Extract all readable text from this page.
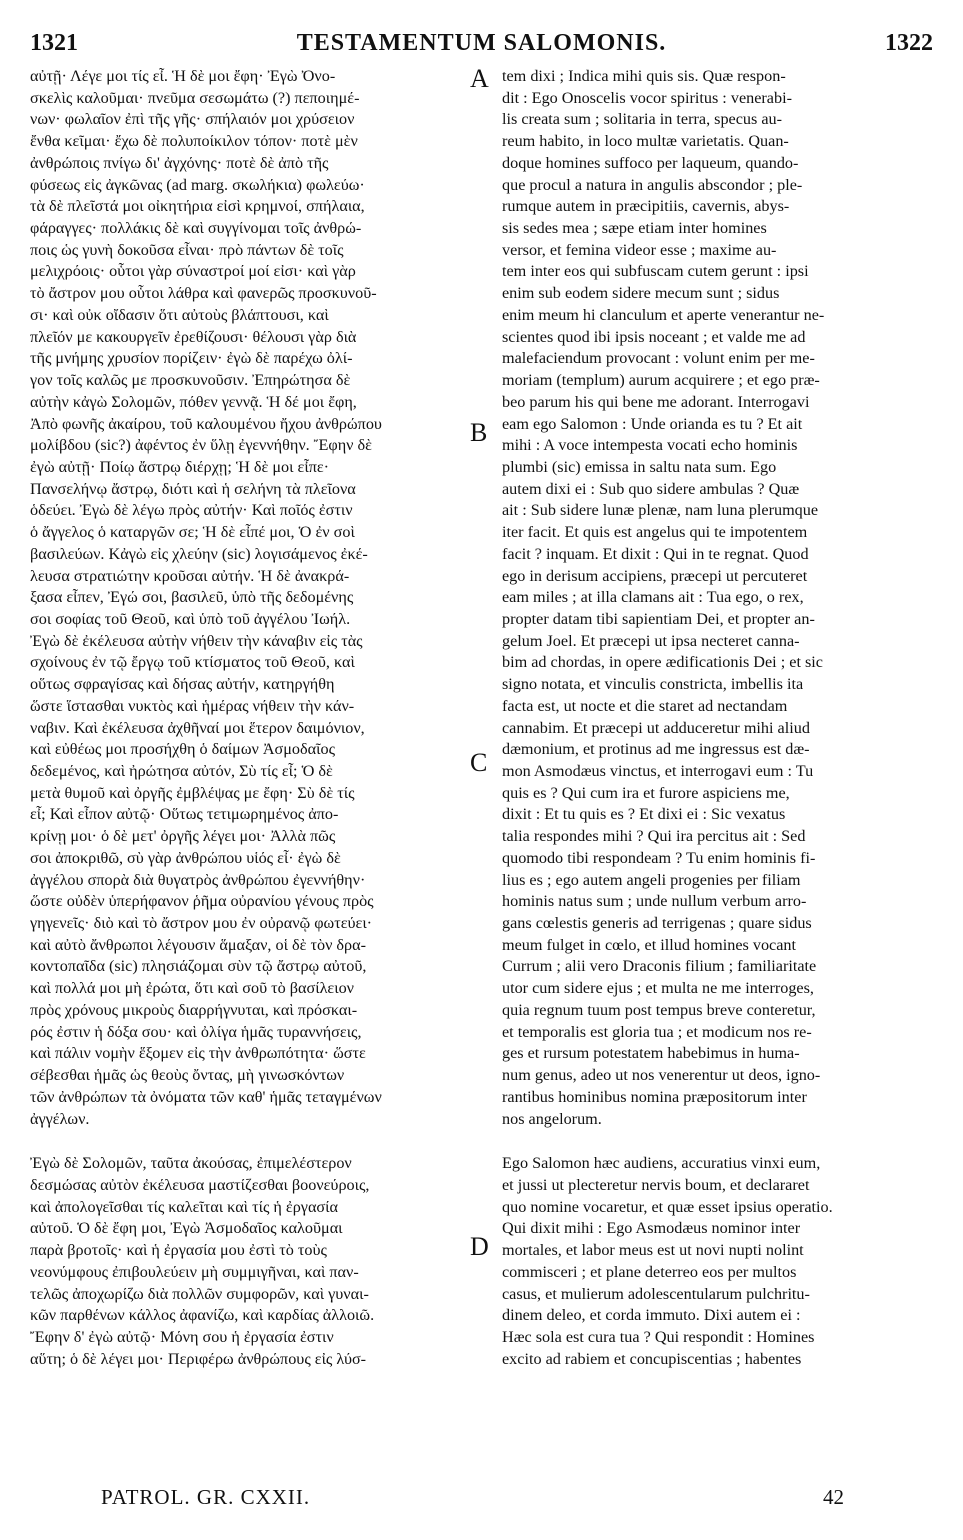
1321	TESTAMENTUM SALOMONIS.	1322
αὐτῇ· Λέγε μοι τίς εἶ. Ἡ δὲ μοι ἔφη· Ἐγὼ Ὀνο-
σκελὶς καλοῦμαι· πνεῦμα σεσωμάτω (?) πεποιημέ-
νων· φωλαῖον ἐπὶ τῆς γῆς· σπήλαιόν μοι χρύσειον
ἔνθα κεῖμαι· ἔχω δὲ πολυποίκιλον τόπον· ποτὲ μὲν
ἀνθρώποις πνίγω δι' ἀγχόνης· ποτὲ δὲ ἀπὸ τῆς
φύσεως εἰς ἀγκῶνας (ad marg. σκωλήκια) φωλεύω·
τὰ δὲ πλεῖστά μοι οἰκητήρια εἰσὶ κρημνοί, σπήλαια,
φάραγγες· πολλάκις δὲ καὶ συγγίνομαι τοῖς ἀνθρώ-
ποις ὡς γυνὴ δοκοῦσα εἶναι· πρὸ πάντων δὲ τοῖς
μελιχρόοις· οὗτοι γὰρ σύναστροί μοί εἰσι· καὶ γὰρ
τὸ ἄστρον μου οὗτοι λάθρα καὶ φανερῶς προσκυνοῦ-
σι· καὶ οὐκ οἴδασιν ὅτι αὐτοὺς βλάπτουσι, καὶ
πλεῖόν με κακουργεῖν ἐρεθίζουσι· θέλουσι γὰρ διὰ
τῆς μνήμης χρυσίον πορίζειν· ἐγὼ δὲ παρέχω ὀλί-
γον τοῖς καλῶς με προσκυνοῦσιν. Ἐπηρώτησα δὲ
αὐτὴν κἀγὼ Σολομῶν, πόθεν γεννᾷ. Ἡ δέ μοι ἔφη,
Ἀπὸ φωνῆς ἀκαίρου, τοῦ καλουμένου ἤχου ἀνθρώπου
μολίβδου (sic?) ἀφέντος ἐν ὕλῃ ἐγεννήθην. Ἔφην δὲ
ἐγὼ αὐτῇ· Ποίῳ ἄστρῳ διέρχῃ; Ἡ δὲ μοι εἶπε·
Πανσελήνῳ ἄστρῳ, διότι καὶ ἡ σελήνη τὰ πλεῖονα
ὁδεύει. Ἐγὼ δὲ λέγω πρὸς αὐτήν· Καὶ ποῖός ἐστιν
ὁ ἄγγελος ὁ καταργῶν σε; Ἡ δὲ εἶπέ μοι, Ὁ ἐν σοὶ
βασιλεύων. Κἀγὼ εἰς χλεύην (sic) λογισάμενος ἐκέ-
λευσα στρατιώτην κροῦσαι αὐτήν. Ἡ δὲ ἀνακρά-
ξασα εἶπεν, Ἐγώ σοι, βασιλεῦ, ὑπὸ τῆς δεδομένης
σοι σοφίας τοῦ Θεοῦ, καὶ ὑπὸ τοῦ ἀγγέλου Ἰωήλ.
Ἐγὼ δὲ ἐκέλευσα αὐτὴν νήθειν τὴν κάναβιν εἰς τὰς
σχοίνους ἐν τῷ ἔργῳ τοῦ κτίσματος τοῦ Θεοῦ, καὶ
οὕτως σφραγίσας καὶ δήσας αὐτήν, κατηργήθη
ὥστε ἵστασθαι νυκτὸς καὶ ἡμέρας νήθειν τὴν κάν-
ναβιν. Καὶ ἐκέλευσα ἀχθῆναί μοι ἕτερον δαιμόνιον,
καὶ εὐθέως μοι προσήχθη ὁ δαίμων Ἀσμοδαῖος
δεδεμένος, καὶ ἠρώτησα αὐτόν, Σὺ τίς εἶ; Ὁ δὲ
μετὰ θυμοῦ καὶ ὀργῆς ἐμβλέψας με ἔφη· Σὺ δὲ τίς
εἶ; Καὶ εἶπον αὐτῷ· Οὕτως τετιμωρημένος ἀπο-
κρίνῃ μοι· ὁ δὲ μετ' ὀργῆς λέγει μοι· Ἀλλὰ πῶς
σοι ἀποκριθῶ, σὺ γὰρ ἀνθρώπου υἱός εἶ· ἐγὼ δὲ
ἀγγέλου σπορὰ διὰ θυγατρὸς ἀνθρώπου ἐγεννήθην·
ὥστε οὐδὲν ὑπερήφανον ῥῆμα οὐρανίου γένους πρὸς
γηγενεῖς· διὸ καὶ τὸ ἄστρον μου ἐν οὐρανῷ φωτεύει·
καὶ αὐτὸ ἄνθρωποι λέγουσιν ἅμαξαν, οἱ δὲ τὸν δρα-
κοντοπαῖδα (sic) πλησιάζομαι σὺν τῷ ἄστρῳ αὐτοῦ,
καὶ πολλά μοι μὴ ἐρώτα, ὅτι καὶ σοῦ τὸ βασίλειον
πρὸς χρόνους μικροὺς διαρρήγνυται, καὶ πρόσκαι-
ρός ἐστιν ἡ δόξα σου· καὶ ὀλίγα ἡμᾶς τυραννήσεις,
καὶ πάλιν νομὴν ἕξομεν εἰς τὴν ἀνθρωπότητα· ὥστε
σέβεσθαι ἡμᾶς ὡς θεοὺς ὄντας, μὴ γινωσκόντων
τῶν ἀνθρώπων τὰ ὀνόματα τῶν καθ' ἡμᾶς τεταγμένων
ἀγγέλων.
Ἐγὼ δὲ Σολομῶν, ταῦτα ἀκούσας, ἐπιμελέστερον
δεσμώσας αὐτὸν ἐκέλευσα μαστίζεσθαι βοονεύροις,
καὶ ἀπολογεῖσθαι τίς καλεῖται καὶ τίς ἡ ἐργασία
αὐτοῦ. Ὁ δὲ ἔφη μοι, Ἐγὼ Ἀσμοδαῖος καλοῦμαι
παρὰ βροτοῖς· καὶ ἡ ἐργασία μου ἐστὶ τὸ τοὺς
νεονύμφους ἐπιβουλεύειν μὴ συμμιγῆναι, καὶ παν-
τελῶς ἀποχωρίζω διὰ πολλῶν συμφορῶν, καὶ γυναι-
κῶν παρθένων κάλλος ἀφανίζω, καὶ καρδίας ἀλλοιῶ.
Ἔφην δ' ἐγὼ αὐτῷ· Μόνη σου ἡ ἐργασία ἐστιν
αὕτη; ὁ δὲ λέγει μοι· Περιφέρω ἀνθρώπους εἰς λύσ-
tem dixi ; Indica mihi quis sis. Quæ respon-
dit : Ego Onoscelis vocor spiritus : venerabi-
lis creata sum ; solitaria in terra, specus au-
reum habito, in loco multæ varietatis. Quan-
doque homines suffoco per laqueum, quando-
que procul a natura in angulis abscondor ; ple-
rumque autem in præcipitiis, cavernis, abys-
sis sedes mea ; sæpe etiam inter homines
versor, et femina videor esse ; maxime au-
tem inter eos qui subfuscam cutem gerunt : ipsi
enim sub eodem sidere mecum sunt ; sidus
enim meum hi clanculum et aperte venerantur ne-
scientes quod ibi ipsis noceant ; et valde me ad
malefaciendum provocant : volunt enim per me-
moriam (templum) aurum acquirere ; et ego præ-
beo parum his qui bene me adorant. Interrogavi
eam ego Salomon : Unde orianda es tu ? Et ait
mihi : A voce intempesta vocati echo hominis
plumbi (sic) emissa in saltu nata sum. Ego
autem dixi ei : Sub quo sidere ambulas ? Quæ
ait : Sub sidere lunæ plenæ, nam luna plerumque
iter facit. Et quis est angelus qui te impotentem
facit ? inquam. Et dixit : Qui in te regnat. Quod
ego in derisum accipiens, præcepi ut percuteret
eam miles ; at illa clamans ait : Tua ego, o rex,
propter datam tibi sapientiam Dei, et propter an-
gelum Joel. Et præcepi ut ipsa necteret canna-
bim ad chordas, in opere ædificationis Dei ; et sic
signo notata, et vinculis constricta, imbellis ita
facta est, ut nocte et die staret ad nectandam
cannabim. Et præcepi ut adduceretur mihi aliud
dæmonium, et protinus ad me ingressus est dæ-
mon Asmodæus vinctus, et interrogavi eum : Tu
quis es ? Qui cum ira et furore aspiciens me,
dixit : Et tu quis es ? Et dixi ei : Sic vexatus
talia respondes mihi ? Qui ira percitus ait : Sed
quomodo tibi respondeam ? Tu enim hominis fi-
lius es ; ego autem angeli progenies per filiam
hominis natus sum ; unde nullum verbum arro-
gans cœlestis generis ad terrigenas ; quare sidus
meum fulget in cœlo, et illud homines vocant
Currum ; alii vero Draconis filium ; familiaritate
utor cum sidere ejus ; et multa ne me interroges,
quia regnum tuum post tempus breve conteretur,
et temporalis est gloria tua ; et modicum nos re-
ges et rursum potestatem habebimus in huma-
num genus, adeo ut nos venerentur ut deos, igno-
rantibus hominibus nomina præpositorum inter
nos angelorum.
Ego Salomon hæc audiens, accuratius vinxi eum,
et jussi ut plecteretur nervis boum, et declararet
quo nomine vocaretur, et quæ esset ipsius operatio.
Qui dixit mihi : Ego Asmodæus nominor inter
mortales, et labor meus est ut novi nupti nolint
commisceri ; et plane deterreo eos per multos
casus, et mulierum adolescentularum pulchritu-
dinem deleo, et corda immuto. Dixi autem ei :
Hæc sola est cura tua ? Qui respondit : Homines
excito ad rabiem et concupiscentias ; habentes
A
B
C
D
PATROL. GR. CXXII.	42
